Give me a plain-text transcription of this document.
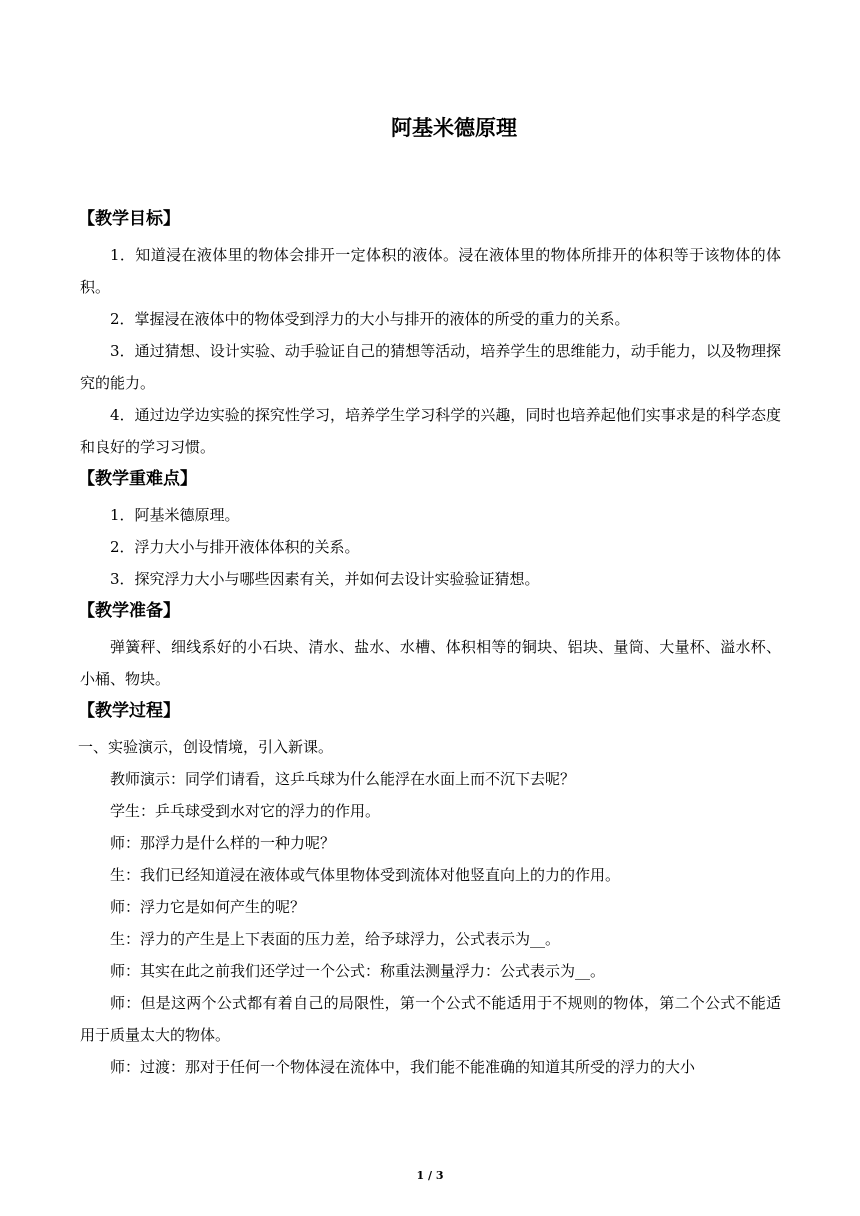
阿基米德原理

【教学目标】

1．知道浸在液体里的物体会排开一定体积的液体。浸在液体里的物体所排开的体积等于该物体的体积。

2．掌握浸在液体中的物体受到浮力的大小与排开的液体的所受的重力的关系。

3．通过猜想、设计实验、动手验证自己的猜想等活动，培养学生的思维能力，动手能力，以及物理探究的能力。

4．通过边学边实验的探究性学习，培养学生学习科学的兴趣，同时也培养起他们实事求是的科学态度和良好的学习习惯。

【教学重难点】

1．阿基米德原理。

2．浮力大小与排开液体体积的关系。

3．探究浮力大小与哪些因素有关，并如何去设计实验验证猜想。

【教学准备】

弹簧秤、细线系好的小石块、清水、盐水、水槽、体积相等的铜块、铝块、量筒、大量杯、溢水杯、小桶、物块。

【教学过程】

一、实验演示，创设情境，引入新课。

教师演示：同学们请看，这乒乓球为什么能浮在水面上而不沉下去呢？

学生：乒乓球受到水对它的浮力的作用。

师：那浮力是什么样的一种力呢？

生：我们已经知道浸在液体或气体里物体受到流体对他竖直向上的力的作用。

师：浮力它是如何产生的呢？

生：浮力的产生是上下表面的压力差，给予球浮力，公式表示为__。

师：其实在此之前我们还学过一个公式：称重法测量浮力：公式表示为__。

师：但是这两个公式都有着自己的局限性，第一个公式不能适用于不规则的物体，第二个公式不能适用于质量太大的物体。

师：过渡：那对于任何一个物体浸在流体中，我们能不能准确的知道其所受的浮力的大小

1 / 3
